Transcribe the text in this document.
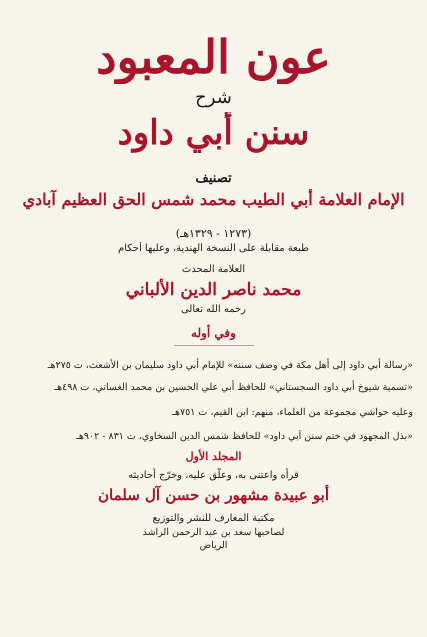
عون المعبود
شرح
سنن أبي داود
تصنيف
الإمام العلامة أبي الطيب محمد شمس الحق العظيم آبادي
(١٢٧٣ - ١٣٢٩هـ)
طبعة مقابلة على النسخة الهندية، وعليها أحكام
العلامة المحدث
محمد ناصر الدين الألباني
رحمه الله تعالى
وفي أوله
«رسالة أبي داود إلى أهل مكة في وصف سننه» للإمام أبي داود سليمان بن الأشعث، ت ٢٧٥هـ
«تسمية شيوخ أبي داود السجستاني» للحافظ أبي علي الحسين بن محمد الغساني، ت ٤٩٨هـ
وعليه حواشي مجموعة من العلماء، منهم: ابن القيم، ت ٧٥١هـ
«بذل المجهود في ختم سنن أبي داود» للحافظ شمس الدين السخاوي، ت ٨٣١ - ٩٠٢هـ
المجلد الأول
قرأه واعتنى به، وعلّق عليه، وخرّج أحاديثه
أبو عبيدة مشهور بن حسن آل سلمان
مكتبة المعارف للنشر والتوزيع
لصاحبها سعد بن عبد الرحمن الراشد
الرياض
